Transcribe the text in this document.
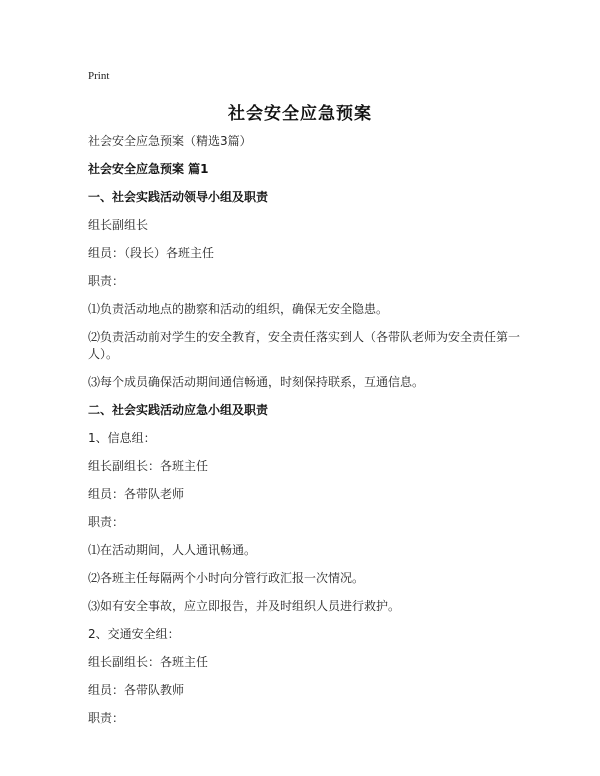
Print
社会安全应急预案

社会安全应急预案（精选3篇）

社会安全应急预案 篇1

一、社会实践活动领导小组及职责

组长副组长

组员：（段长）各班主任

职责：

⑴负责活动地点的勘察和活动的组织，确保无安全隐患。

⑵负责活动前对学生的安全教育，安全责任落实到人（各带队老师为安全责任第一人）。

⑶每个成员确保活动期间通信畅通，时刻保持联系，互通信息。

二、社会实践活动应急小组及职责

1、信息组：

组长副组长：各班主任

组员：各带队老师

职责：

⑴在活动期间，人人通讯畅通。

⑵各班主任每隔两个小时向分管行政汇报一次情况。

⑶如有安全事故，应立即报告，并及时组织人员进行救护。

2、交通安全组：

组长副组长：各班主任

组员：各带队教师

职责：
